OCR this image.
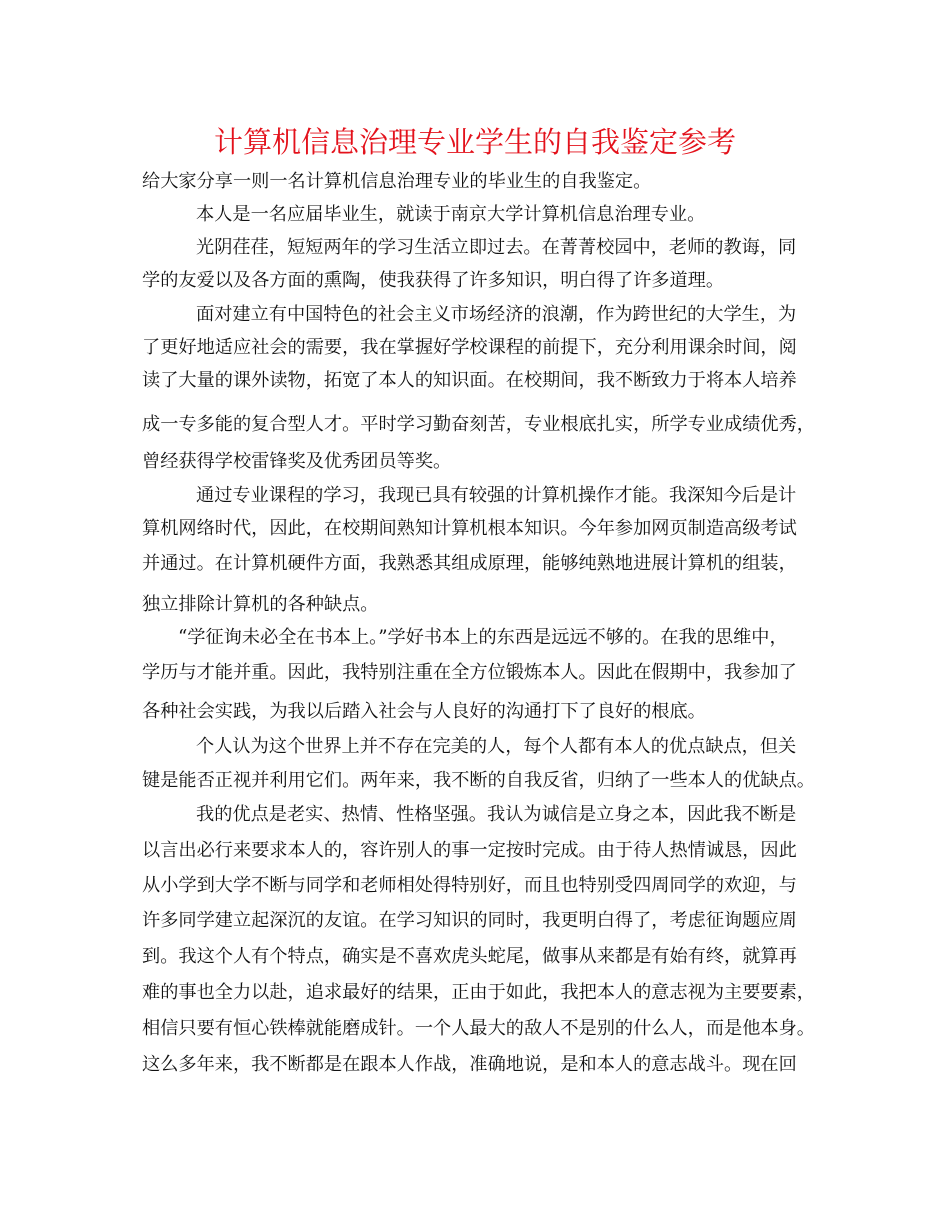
计算机信息治理专业学生的自我鉴定参考

给大家分享一则一名计算机信息治理专业的毕业生的自我鉴定。

本人是一名应届毕业生，就读于南京大学计算机信息治理专业。

光阴荏荏，短短两年的学习生活立即过去。在菁菁校园中，老师的教诲，同

学的友爱以及各方面的熏陶，使我获得了许多知识，明白得了许多道理。

面对建立有中国特色的社会主义市场经济的浪潮，作为跨世纪的大学生，为

了更好地适应社会的需要，我在掌握好学校课程的前提下，充分利用课余时间，阅

读了大量的课外读物，拓宽了本人的知识面。在校期间，我不断致力于将本人培养

成一专多能的复合型人才。平时学习勤奋刻苦，专业根底扎实，所学专业成绩优秀，

曾经获得学校雷锋奖及优秀团员等奖。

通过专业课程的学习，我现已具有较强的计算机操作才能。我深知今后是计

算机网络时代，因此，在校期间熟知计算机根本知识。今年参加网页制造高级考试

并通过。在计算机硬件方面，我熟悉其组成原理，能够纯熟地进展计算机的组装，

独立排除计算机的各种缺点。

“学征询未必全在书本上。”学好书本上的东西是远远不够的。在我的思维中，

学历与才能并重。因此，我特别注重在全方位锻炼本人。因此在假期中，我参加了

各种社会实践，为我以后踏入社会与人良好的沟通打下了良好的根底。

个人认为这个世界上并不存在完美的人，每个人都有本人的优点缺点，但关

键是能否正视并利用它们。两年来，我不断的自我反省，归纳了一些本人的优缺点。

我的优点是老实、热情、性格坚强。我认为诚信是立身之本，因此我不断是

以言出必行来要求本人的，容许别人的事一定按时完成。由于待人热情诚恳，因此

从小学到大学不断与同学和老师相处得特别好，而且也特别受四周同学的欢迎，与

许多同学建立起深沉的友谊。在学习知识的同时，我更明白得了，考虑征询题应周

到。我这个人有个特点，确实是不喜欢虎头蛇尾，做事从来都是有始有终，就算再

难的事也全力以赴，追求最好的结果，正由于如此，我把本人的意志视为主要要素，

相信只要有恒心铁棒就能磨成针。一个人最大的敌人不是别的什么人，而是他本身。

这么多年来，我不断都是在跟本人作战，准确地说，是和本人的意志战斗。现在回
